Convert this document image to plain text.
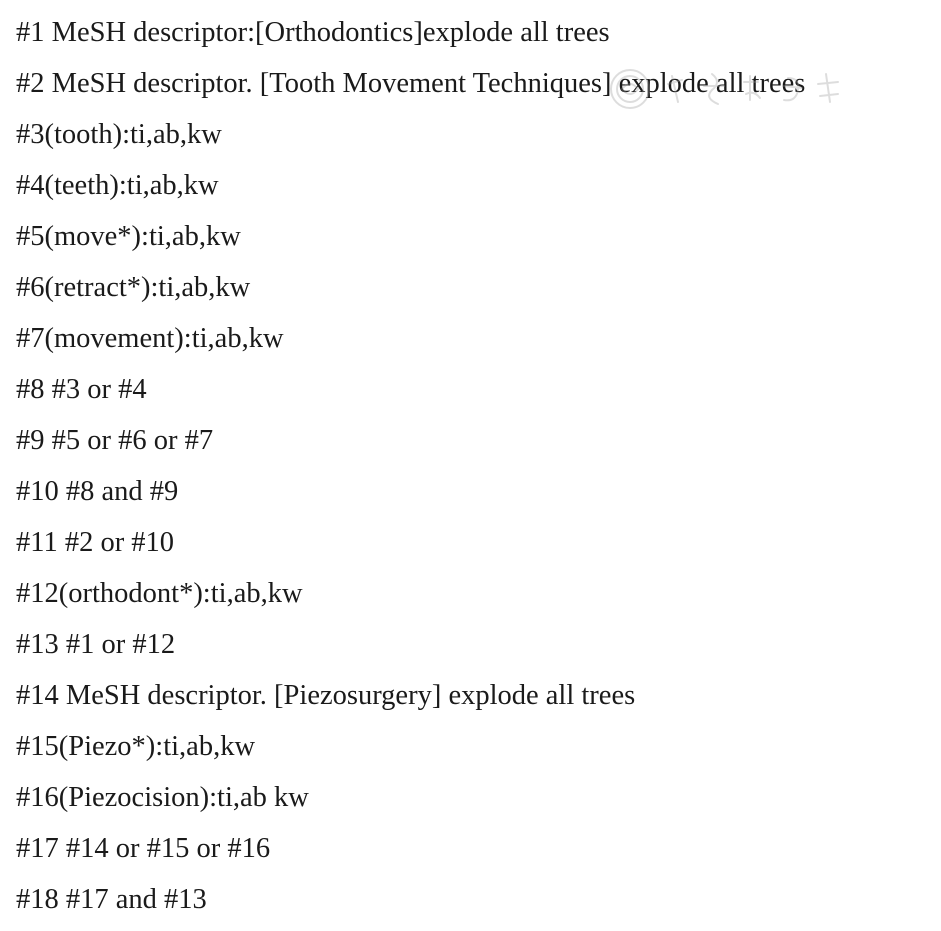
#1 MeSH descriptor:[Orthodontics]explode all trees
#2 MeSH descriptor. [Tooth Movement Techniques] explode all trees
#3(tooth):ti,ab,kw
#4(teeth):ti,ab,kw
#5(move*):ti,ab,kw
#6(retract*):ti,ab,kw
#7(movement):ti,ab,kw
#8 #3 or #4
#9 #5 or #6 or #7
#10 #8 and #9
#11 #2 or #10
#12(orthodont*):ti,ab,kw
#13 #1 or #12
#14 MeSH descriptor. [Piezosurgery] explode all trees
#15(Piezo*):ti,ab,kw
#16(Piezocision):ti,ab kw
#17 #14 or #15 or #16
#18 #17 and #13
